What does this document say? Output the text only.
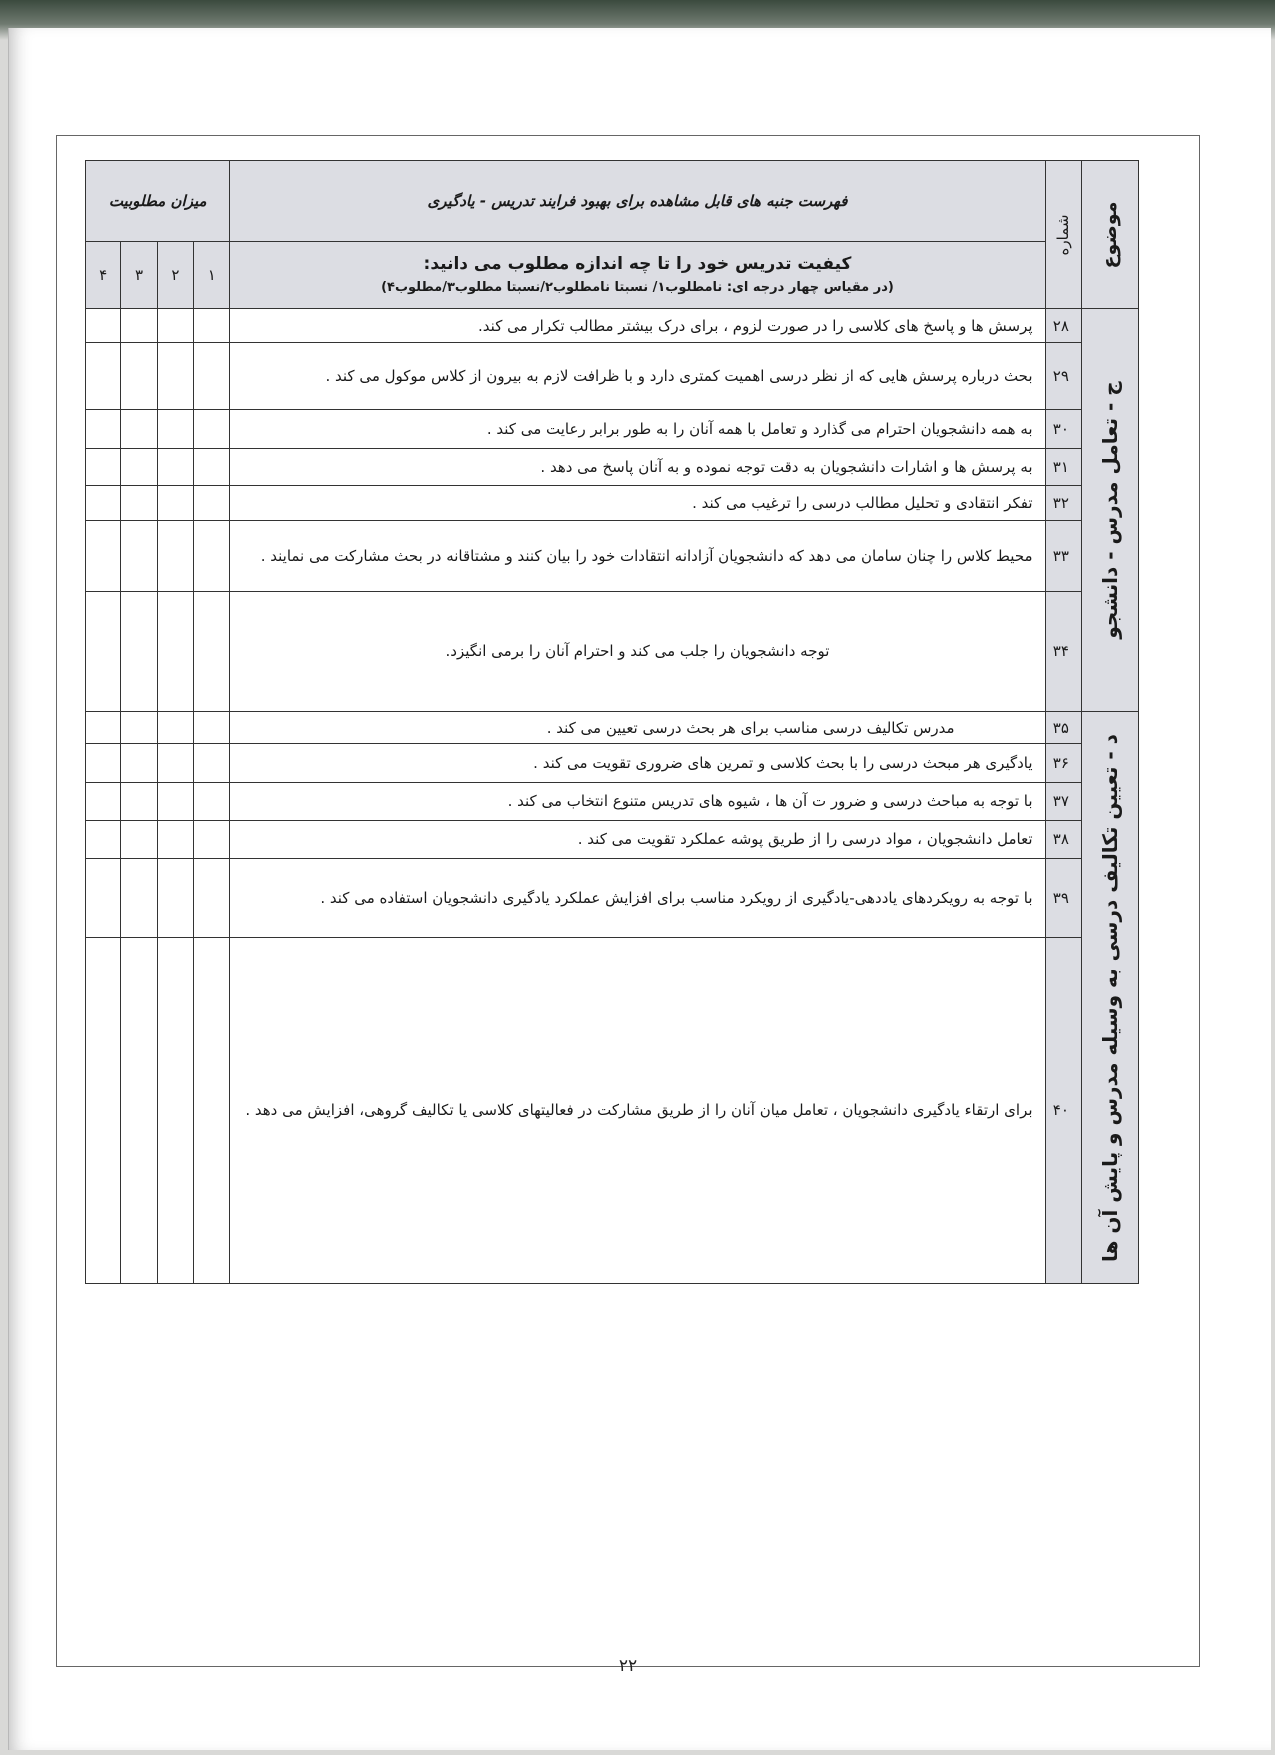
۲۲
موضوع	شماره	فهرست جنبه های قابل مشاهده برای بهبود فرایند تدریس - یادگیری	میزان مطلوبیت			

		کیفیت تدریس خود را تا چه اندازه مطلوب می دانید:
(در مقیاس چهار درجه ای: نامطلوب۱/ نسبتا نامطلوب۲/نسبتا مطلوب۳/مطلوب۴)	۱	۲	۳	۴

ج - تعامل مدرس - دانشجو	۲۸	پرسش ها و پاسخ های کلاسی را در صورت لزوم ، برای درک بیشتر مطالب تکرار می کند.				
	۲۹	بحث درباره پرسش هایی که از نظر درسی اهمیت کمتری دارد و با ظرافت لازم به بیرون از کلاس موکول می کند .				
	۳۰	به همه دانشجویان احترام می گذارد و تعامل با همه آنان را به طور برابر رعایت می کند .				
	۳۱	به پرسش ها و اشارات دانشجویان به دقت توجه نموده و به آنان پاسخ می دهد .				
	۳۲	تفکر انتقادی و تحلیل مطالب درسی را ترغیب می کند .				
	۳۳	محیط کلاس را چنان سامان می دهد که دانشجویان آزادانه انتقادات خود را بیان کنند و مشتاقانه در بحث مشارکت می نمایند .				
	۳۴	توجه دانشجویان را جلب می کند و احترام آنان را برمی انگیزد.				

د - تعیین تکالیف درسی به وسیله مدرس و پایش آن ها	۳۵	مدرس تکالیف درسی مناسب برای هر بحث درسی تعیین می کند .				
	۳۶	یادگیری هر مبحث درسی را با بحث کلاسی و تمرین های ضروری تقویت می کند .				
	۳۷	با توجه به مباحث درسی و ضرور ت آن ها ، شیوه های تدریس متنوع انتخاب می کند .				
	۳۸	تعامل دانشجویان ، مواد درسی را از طریق پوشه عملکرد تقویت می کند .				
	۳۹	با توجه به رویکردهای یاددهی-یادگیری از رویکرد مناسب برای افزایش عملکرد یادگیری دانشجویان استفاده می کند .				
	۴۰	برای ارتقاء یادگیری دانشجویان ، تعامل میان آنان را از طریق مشارکت در فعالیتهای کلاسی یا تکالیف گروهی، افزایش می دهد .				
